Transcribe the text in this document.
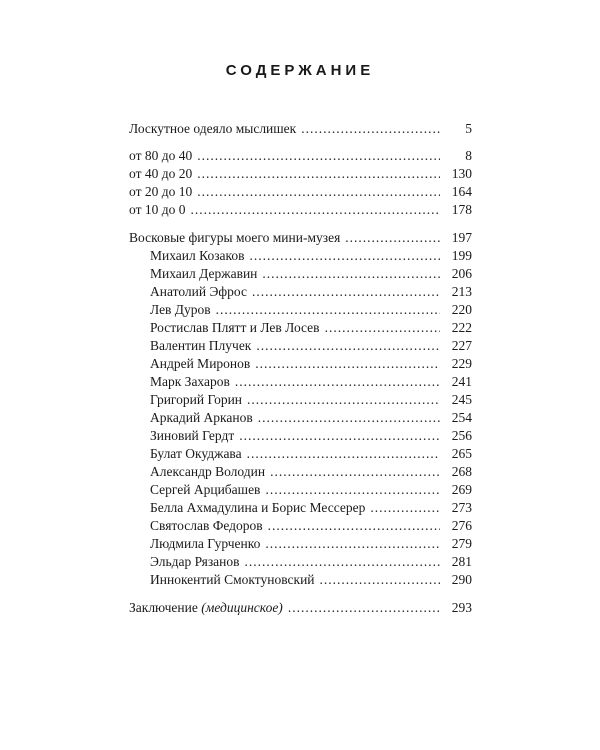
СОДЕРЖАНИЕ
Лоскутное одеяло мыслишек .....	5
от 80 до 40 .....	8
от 40 до 20 .....	130
от 20 до 10 .....	164
от 10 до 0 .....	178
Восковые фигуры моего мини-музея .....	197
Михаил Козаков .....	199
Михаил Державин .....	206
Анатолий Эфрос .....	213
Лев Дуров .....	220
Ростислав Плятт и Лев Лосев .....	222
Валентин Плучек .....	227
Андрей Миронов .....	229
Марк Захаров .....	241
Григорий Горин .....	245
Аркадий Арканов .....	254
Зиновий Гердт .....	256
Булат Окуджава .....	265
Александр Володин .....	268
Сергей Арцибашев .....	269
Белла Ахмадулина и Борис Мессерер .....	273
Святослав Федоров .....	276
Людмила Гурченко .....	279
Эльдар Рязанов .....	281
Иннокентий Смоктуновский .....	290
Заключение (медицинское) .....	293
